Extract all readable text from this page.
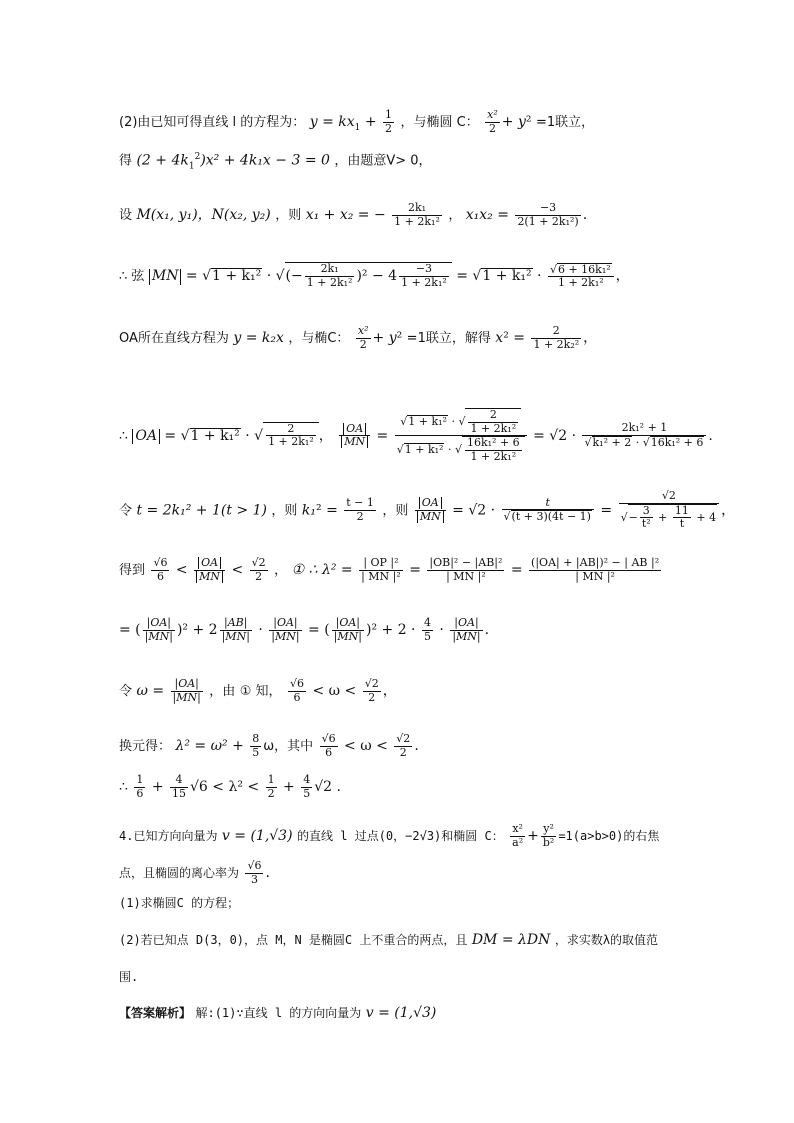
(2)由已知可得直线 l 的方程为： $y = kx_1 + \frac{1}{2}$ ，与椭圆 C： $\frac{\text{x²}}{2} + y^2 =1$联立，
得 $(2 + 4k_1^2)x^2 + 4k_1x - 3 = 0$ ，由题意V> 0，
设 M(x₁, y₁)，N(x₂, y₂) ，则 x₁ + x₂ = − $\frac{\text{2k₁}}{\text{1 + 2k₁²}}$ ， $x_1x_2 = \frac{-3}{\text{2(1 + 2k₁²)}}$ .
∴ 弦 MN = √1 + k₁² · √(− $\frac{\text{2k₁}}{\text{1 + 2k₁²}} )^2 - 4 \frac{-3}{\text{1 + 2k₁²}} = √1 + k_1^2 \cdot \frac{\text{√6 + 16k₁²}}{\text{1 + 2k₁²}}$ ，
OA所在直线方程为 y = k₂x ，与椭C： $\frac{\text{x²}}{2} + y^2 =1$联立，解得 $x^2 = \frac{2}{\text{1 + 2k₂²}}$ ，
∴ OA = √1 + k₁² · √ $\frac{2}{\text{1 + 2k₁²}}$ ， $\frac{OA}{MN} = \frac{√1 + k_1^2 \cdot √ \frac{2}{\text{1 + 2k₁²}}}{√1 + k_1^2 \cdot √ \frac{\text{16k₁² + 6}}{\text{1 + 2k₁²}}} = √2 \cdot \frac{\text{2k₁² + 1}}{\text{√k₁² + 2 · √16k₁² + 6}}$ .
令 t = 2k₁² + 1(t > 1) ，则 $k_1^2 = \frac{t - 1}{2}$ ，则 $\frac{OA}{MN} = √2 \cdot \frac{t}{√(t + 3)(4t - 1)} = \frac{√2}{√- \frac{3}{\text{t²}} + \frac{11}{t} + 4}$ ，
得到 $\frac{√6}{6} < \frac{OA}{MN} < \frac{√2}{2}$ ， ① ∴ $\lambda^2 = \frac{\text{| OP |²}}{\text{| MN |²}} = \frac{\text{|OB|² − |AB|²}}{\text{| MN |²}} = \frac{\text{(|OA| + |AB|)² − | AB |²}}{\text{| MN |²}}$
= ( $\frac{|OA|}{|MN|} )^2 + 2 \frac{|AB|}{|MN|} \cdot \frac{|OA|}{|MN|}$ = ( $\frac{|OA|}{|MN|} )^2 + 2 \cdot \frac{4}{5} \cdot \frac{|OA|}{|MN|}$ .
令 $\omega = \frac{|OA|}{|MN|}$ ，由 ① 知， $\frac{√6}{6} < \omega < \frac{√2}{2}$ ，
换元得： $\lambda^2 = \omega^2 + \frac{8}{5}$ ω，其中 $\frac{√6}{6} < \omega < \frac{√2}{2}$ .
∴ $\frac{1}{6} + \frac{4}{15} √6 < \lambda^2 < \frac{1}{2} + \frac{4}{5} √2$ .
4.已知方向向量为 v = (1,√3) 的直线 l 过点(0，−2√3)和椭圆 C： $\frac{\text{x²}}{\text{a²}} + \frac{\text{y²}}{\text{b²}} =1(a>b>0)$的右焦
点，且椭圆的离心率为 $\frac{√6}{3}$ .
(1)求椭圆C 的方程；
(2)若已知点 D(3，0)，点 M，N 是椭圆C 上不重合的两点，且 DM = λDN ，求实数λ的取值范
围.
【答案解析】 解:(1)∵直线 l 的方向向量为 v = (1,√3)
